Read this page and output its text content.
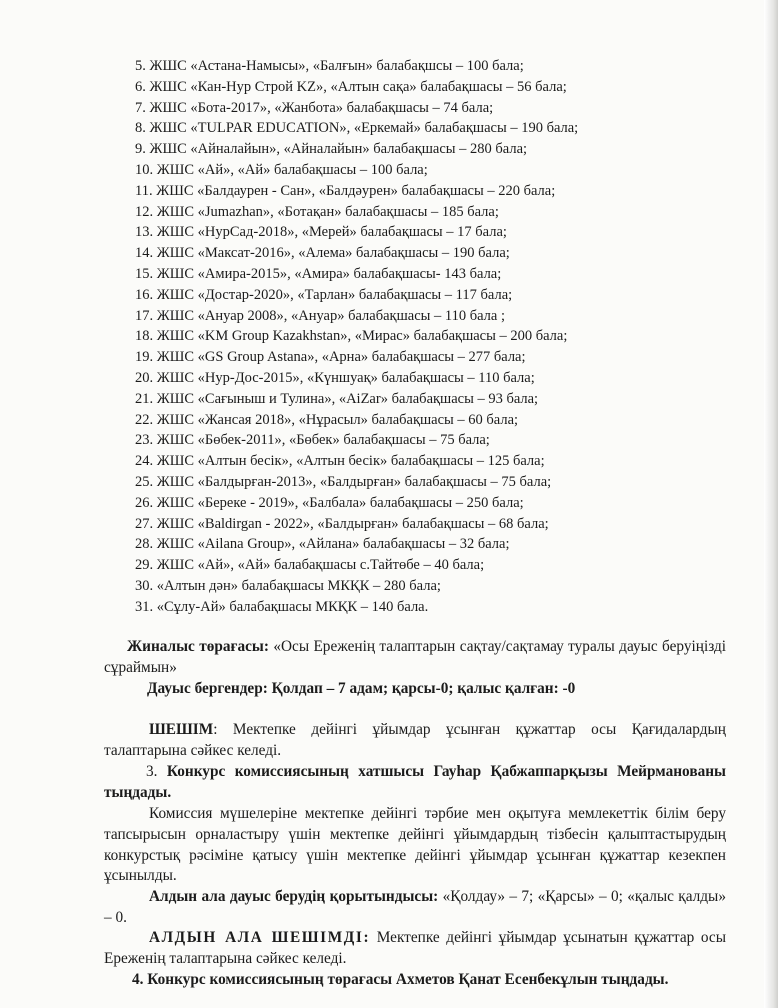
5. ЖШС «Астана-Намысы», «Балғын» балабақшсы – 100 бала;
6. ЖШС «Кан-Нур Строй KZ», «Алтын сақа» балабақшасы – 56 бала;
7. ЖШС «Бота-2017», «Жанбота» балабақшасы – 74 бала;
8. ЖШС «TULPAR EDUCATION», «Еркемай» балабақшасы – 190 бала;
9. ЖШС «Айналайын», «Айналайын» балабақшасы – 280 бала;
10. ЖШС «Ай», «Ай» балабақшасы – 100 бала;
11. ЖШС «Балдаурен - Сан», «Балдәурен» балабақшасы – 220 бала;
12. ЖШС «Jumazhan», «Ботақан» балабақшасы – 185 бала;
13. ЖШС «НурСад-2018», «Мерей» балабақшасы – 17 бала;
14. ЖШС «Максат-2016», «Алема» балабақшасы – 190 бала;
15. ЖШС «Амира-2015», «Амира» балабақшасы- 143 бала;
16. ЖШС «Достар-2020», «Тарлан» балабақшасы – 117 бала;
17. ЖШС «Ануар 2008», «Ануар» балабақшасы – 110 бала ;
18. ЖШС «KM Group Kazakhstan», «Мирас» балабақшасы – 200 бала;
19. ЖШС «GS Group Astana», «Арна» балабақшасы – 277 бала;
20. ЖШС «Нур-Дос-2015», «Күншуақ» балабақшасы – 110 бала;
21. ЖШС «Сағыныш и Тулина», «AiZar» балабақшасы – 93 бала;
22. ЖШС «Жансая 2018», «Нұрасыл» балабақшасы – 60 бала;
23. ЖШС «Бөбек-2011», «Бөбек» балабақшасы – 75 бала;
24. ЖШС «Алтын бесік», «Алтын бесік» балабақшасы – 125 бала;
25. ЖШС «Балдырған-2013», «Балдырған» балабақшасы – 75 бала;
26. ЖШС «Береке - 2019», «Балбала» балабақшасы – 250 бала;
27. ЖШС «Baldirgan - 2022», «Балдырған» балабақшасы – 68 бала;
28. ЖШС «Ailana Group», «Айлана» балабақшасы – 32 бала;
29. ЖШС «Ай», «Ай» балабақшасы с.Тайтөбе – 40 бала;
30. «Алтын дән» балабақшасы МКҚК – 280 бала;
31. «Сұлу-Ай» балабақшасы МКҚК – 140 бала.
Жиналыс төрағасы: «Осы Ереженің талаптарын сақтау/сақтамау туралы дауыс беруіңізді сұраймын»
Дауыс бергендер: Қолдап – 7 адам; қарсы-0; қалыс қалған: -0
ШЕШІМ: Мектепке дейінгі ұйымдар ұсынған құжаттар осы Қағидалардың талаптарына сәйкес келеді.
3. Конкурс комиссиясының хатшысы Гауһар Қабжаппарқызы Мейрманованы тыңдады.
Комиссия мүшелеріне мектепке дейінгі тәрбие мен оқытуға мемлекеттік білім беру тапсырысын орналастыру үшін мектепке дейінгі ұйымдардың тізбесін қалыптастырудың конкурстық рәсіміне қатысу үшін мектепке дейінгі ұйымдар ұсынған құжаттар кезекпен ұсынылды.
Алдын ала дауыс берудің қорытындысы: «Қолдау» – 7; «Қарсы» – 0; «қалыс қалды» – 0.
АЛДЫН АЛА ШЕШІМДІ: Мектепке дейінгі ұйымдар ұсынатын құжаттар осы Ереженің талаптарына сәйкес келеді.
4. Конкурс комиссиясының төрағасы Ахметов Қанат Есенбекұлын тыңдады.
